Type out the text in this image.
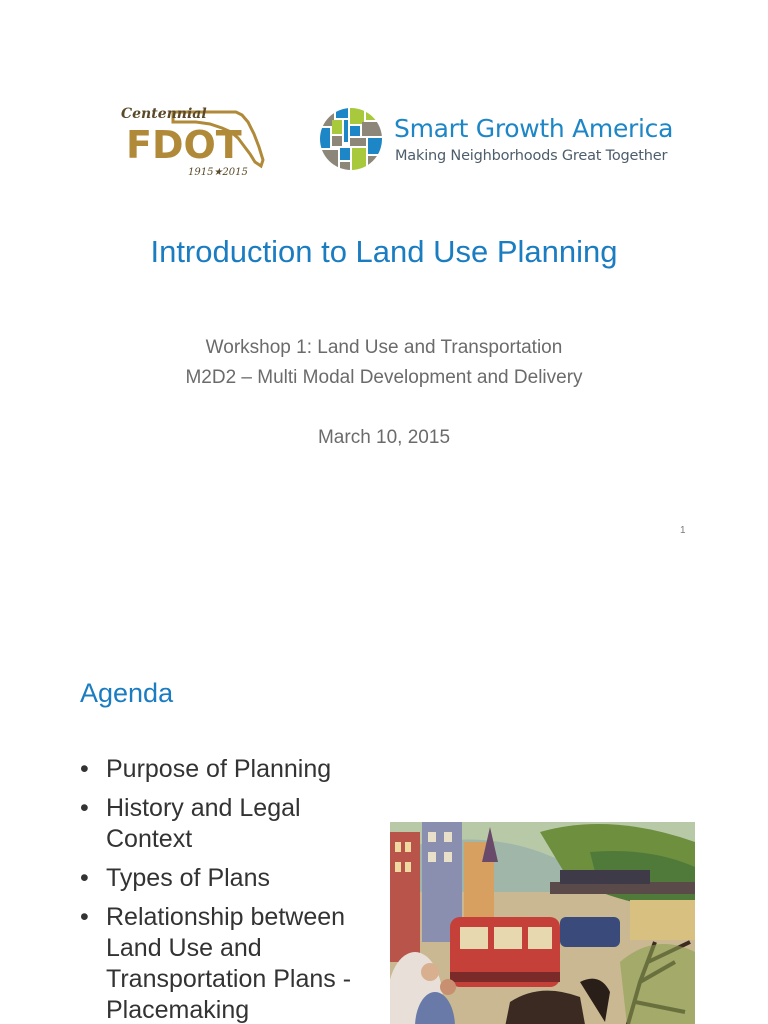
Centennial
FDOT
1915★2015
Smart Growth America
Making Neighborhoods Great Together
Introduction to Land Use Planning
Workshop 1: Land Use and Transportation
M2D2 – Multi Modal Development and Delivery
March 10, 2015
1
Agenda
• Purpose of Planning
• History and Legal Context
• Types of Plans
• Relationship between Land Use and Transportation Plans - Placemaking
